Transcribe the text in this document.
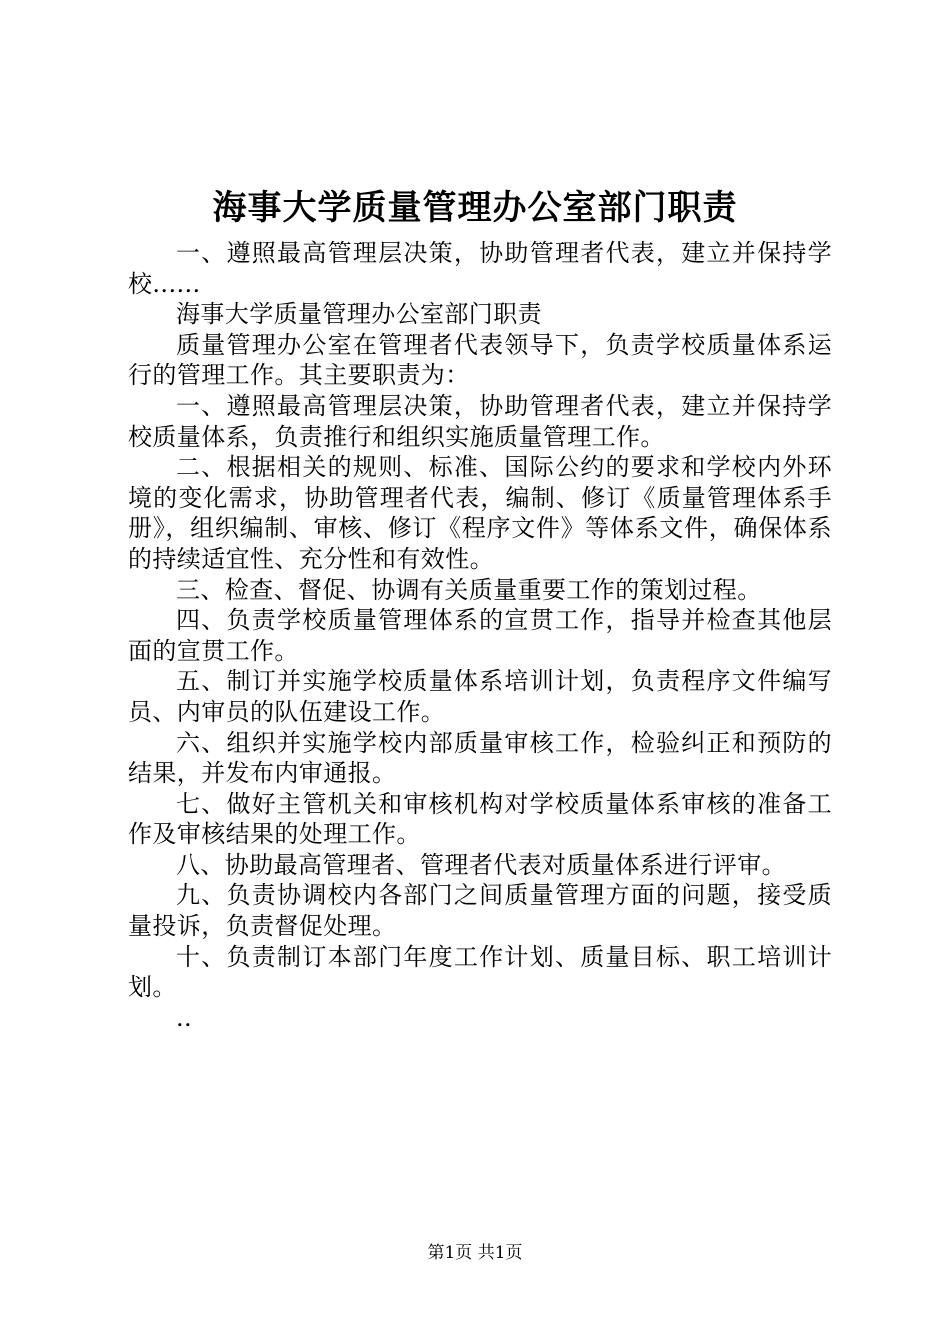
海事大学质量管理办公室部门职责

一、遵照最高管理层决策，协助管理者代表，建立并保持学校......

海事大学质量管理办公室部门职责

质量管理办公室在管理者代表领导下，负责学校质量体系运行的管理工作。其主要职责为：

一、遵照最高管理层决策，协助管理者代表，建立并保持学校质量体系，负责推行和组织实施质量管理工作。

二、根据相关的规则、标准、国际公约的要求和学校内外环境的变化需求，协助管理者代表，编制、修订《质量管理体系手册》，组织编制、审核、修订《程序文件》等体系文件，确保体系的持续适宜性、充分性和有效性。

三、检查、督促、协调有关质量重要工作的策划过程。

四、负责学校质量管理体系的宣贯工作，指导并检查其他层面的宣贯工作。

五、制订并实施学校质量体系培训计划，负责程序文件编写员、内审员的队伍建设工作。

六、组织并实施学校内部质量审核工作，检验纠正和预防的结果，并发布内审通报。

七、做好主管机关和审核机构对学校质量体系审核的准备工作及审核结果的处理工作。

八、协助最高管理者、管理者代表对质量体系进行评审。

九、负责协调校内各部门之间质量管理方面的问题，接受质量投诉，负责督促处理。

十、负责制订本部门年度工作计划、质量目标、职工培训计划。

..

第1页 共1页
